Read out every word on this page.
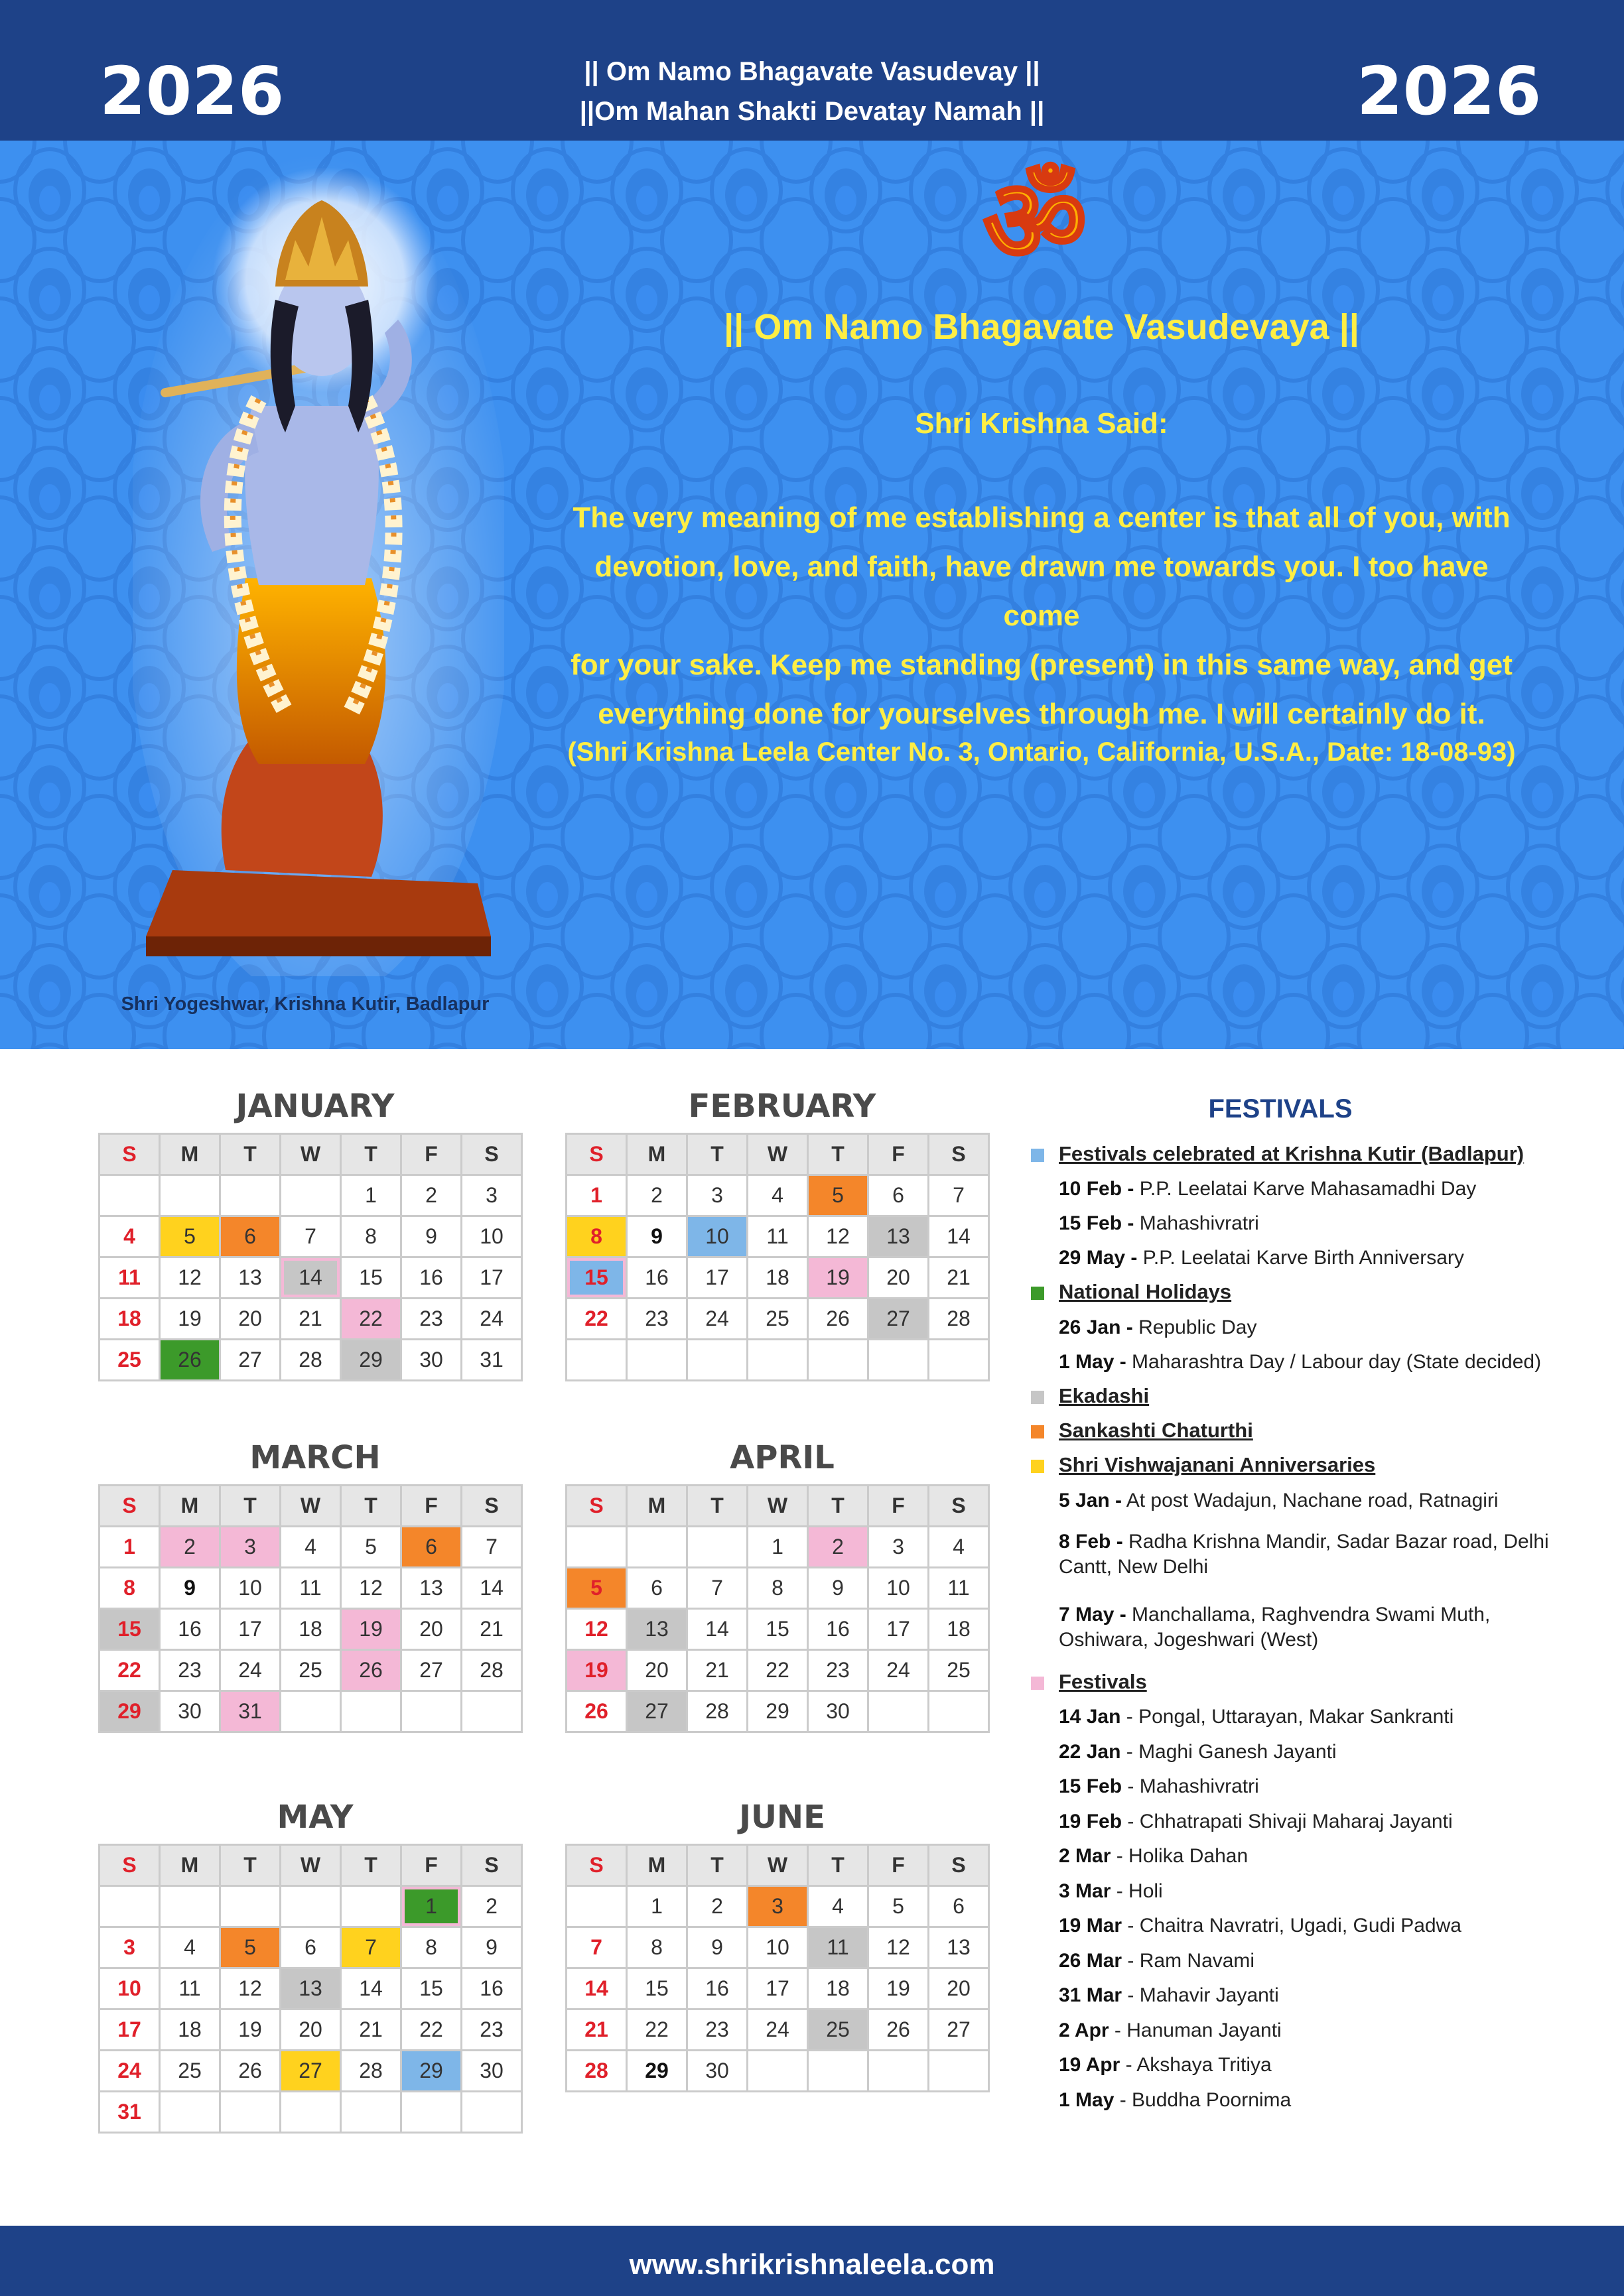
2026	2026
|| Om Namo Bhagavate Vasudevay ||
||Om Mahan Shakti Devatay Namah ||
Shri Yogeshwar, Krishna Kutir, Badlapur
ॐ
|| Om Namo Bhagavate Vasudevaya ||
Shri Krishna Said:
The very meaning of me establishing a center is that all of you, with
devotion, love, and faith, have drawn me towards you. I too have come
for your sake. Keep me standing (present) in this same way, and get
everything done for yourselves through me. I will certainly do it.
(Shri Krishna Leela Center No. 3, Ontario, California, U.S.A., Date: 18-08-93)
JANUARY
S	M	T	W	T	F	S
				1	2	3
4	5	6	7	8	9	10
11	12	13	14	15	16	17
18	19	20	21	22	23	24
25	26	27	28	29	30	31
FEBRUARY
S	M	T	W	T	F	S
1	2	3	4	5	6	7
8	9	10	11	12	13	14
15	16	17	18	19	20	21
22	23	24	25	26	27	28

MARCH
S	M	T	W	T	F	S
1	2	3	4	5	6	7
8	9	10	11	12	13	14
15	16	17	18	19	20	21
22	23	24	25	26	27	28
29	30	31				
APRIL
S	M	T	W	T	F	S
			1	2	3	4
5	6	7	8	9	10	11
12	13	14	15	16	17	18
19	20	21	22	23	24	25
26	27	28	29	30		
MAY
S	M	T	W	T	F	S
					1	2
3	4	5	6	7	8	9
10	11	12	13	14	15	16
17	18	19	20	21	22	23
24	25	26	27	28	29	30
31						
JUNE
S	M	T	W	T	F	S
	1	2	3	4	5	6
7	8	9	10	11	12	13
14	15	16	17	18	19	20
21	22	23	24	25	26	27
28	29	30				
FESTIVALS
Festivals celebrated at Krishna Kutir (Badlapur)
10 Feb - P.P. Leelatai Karve Mahasamadhi Day
15 Feb - Mahashivratri
29 May - P.P. Leelatai Karve Birth Anniversary
National Holidays
26 Jan - Republic Day
1 May - Maharashtra Day / Labour day (State decided)
Ekadashi
Sankashti Chaturthi
Shri Vishwajanani Anniversaries
5 Jan - At post Wadajun, Nachane road, Ratnagiri
8 Feb - Radha Krishna Mandir, Sadar Bazar road, Delhi Cantt, New Delhi
7 May - Manchallama, Raghvendra Swami Muth, Oshiwara, Jogeshwari (West)
Festivals
14 Jan - Pongal, Uttarayan, Makar Sankranti
22 Jan - Maghi Ganesh Jayanti
15 Feb - Mahashivratri
19 Feb - Chhatrapati Shivaji Maharaj Jayanti
2 Mar - Holika Dahan
3 Mar - Holi
19 Mar - Chaitra Navratri, Ugadi, Gudi Padwa
26 Mar - Ram Navami
31 Mar - Mahavir Jayanti
2 Apr - Hanuman Jayanti
19 Apr - Akshaya Tritiya
1 May - Buddha Poornima
www.shrikrishnaleela.com
